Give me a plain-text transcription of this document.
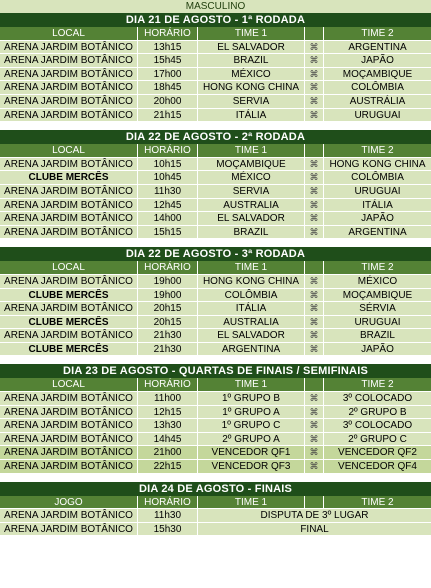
MASCULINO
DIA 21 DE AGOSTO - 1ª RODADA
LOCAL	HORÁRIO	TIME 1	TIME 2
ARENA JARDIM BOTÂNICO	13h15	EL SALVADOR	⌘	ARGENTINA
ARENA JARDIM BOTÂNICO	15h45	BRAZIL	⌘	JAPÃO
ARENA JARDIM BOTÂNICO	17h00	MÉXICO	⌘	MOÇAMBIQUE
ARENA JARDIM BOTÂNICO	18h45	HONG KONG CHINA	⌘	COLÔMBIA
ARENA JARDIM BOTÂNICO	20h00	SERVIA	⌘	AUSTRÁLIA
ARENA JARDIM BOTÂNICO	21h15	ITÁLIA	⌘	URUGUAI
DIA 22 DE AGOSTO - 2ª RODADA
LOCAL	HORÁRIO	TIME 1	TIME 2
ARENA JARDIM BOTÂNICO	10h15	MOÇAMBIQUE	⌘	HONG KONG CHINA
CLUBE MERCÊS	10h45	MÉXICO	⌘	COLÔMBIA
ARENA JARDIM BOTÂNICO	11h30	SERVIA	⌘	URUGUAI
ARENA JARDIM BOTÂNICO	12h45	AUSTRALIA	⌘	ITÁLIA
ARENA JARDIM BOTÂNICO	14h00	EL SALVADOR	⌘	JAPÃO
ARENA JARDIM BOTÂNICO	15h15	BRAZIL	⌘	ARGENTINA
DIA 22 DE AGOSTO - 3ª RODADA
LOCAL	HORÁRIO	TIME 1	TIME 2
ARENA JARDIM BOTÂNICO	19h00	HONG KONG CHINA	⌘	MÉXICO
CLUBE MERCÊS	19h00	COLÔMBIA	⌘	MOÇAMBIQUE
ARENA JARDIM BOTÂNICO	20h15	ITÁLIA	⌘	SÉRVIA
CLUBE MERCÊS	20h15	AUSTRALIA	⌘	URUGUAI
ARENA JARDIM BOTÂNICO	21h30	EL SALVADOR	⌘	BRAZIL
CLUBE MERCÊS	21h30	ARGENTINA	⌘	JAPÃO
DIA 23 DE AGOSTO - QUARTAS DE FINAIS / SEMIFINAIS
LOCAL	HORÁRIO	TIME 1	TIME 2
ARENA JARDIM BOTÂNICO	11h00	1º GRUPO B	⌘	3º COLOCADO
ARENA JARDIM BOTÂNICO	12h15	1º GRUPO A	⌘	2º GRUPO B
ARENA JARDIM BOTÂNICO	13h30	1º GRUPO C	⌘	3º COLOCADO
ARENA JARDIM BOTÂNICO	14h45	2º GRUPO A	⌘	2º GRUPO C
ARENA JARDIM BOTÂNICO	21h00	VENCEDOR QF1	⌘	VENCEDOR QF2
ARENA JARDIM BOTÂNICO	22h15	VENCEDOR QF3	⌘	VENCEDOR QF4
DIA 24 DE AGOSTO - FINAIS
JOGO	HORÁRIO	TIME 1	TIME 2
ARENA JARDIM BOTÂNICO	11h30	DISPUTA DE 3º LUGAR
ARENA JARDIM BOTÂNICO	15h30	FINAL
